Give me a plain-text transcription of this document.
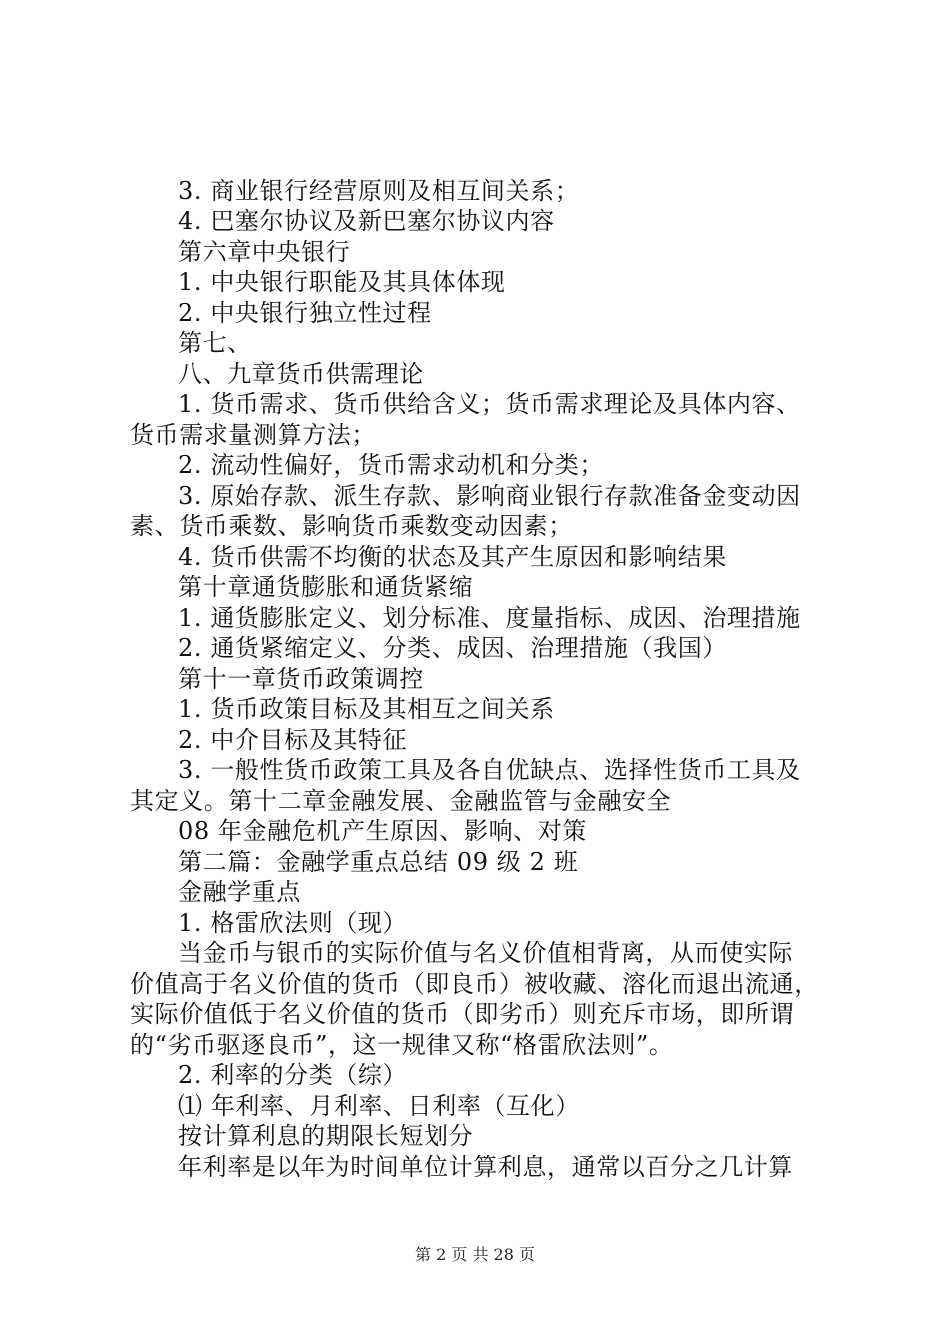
3. 商业银行经营原则及相互间关系；
4. 巴塞尔协议及新巴塞尔协议内容
第六章中央银行
1. 中央银行职能及其具体体现
2. 中央银行独立性过程
第七、
八、九章货币供需理论
1. 货币需求、货币供给含义；货币需求理论及具体内容、
货币需求量测算方法；
2. 流动性偏好，货币需求动机和分类；
3. 原始存款、派生存款、影响商业银行存款准备金变动因
素、货币乘数、影响货币乘数变动因素；
4. 货币供需不均衡的状态及其产生原因和影响结果
第十章通货膨胀和通货紧缩
1. 通货膨胀定义、划分标准、度量指标、成因、治理措施
2. 通货紧缩定义、分类、成因、治理措施（我国）
第十一章货币政策调控
1. 货币政策目标及其相互之间关系
2. 中介目标及其特征
3. 一般性货币政策工具及各自优缺点、选择性货币工具及
其定义。第十二章金融发展、金融监管与金融安全
08 年金融危机产生原因、影响、对策
第二篇：金融学重点总结 09 级 2 班
金融学重点
1. 格雷欣法则（现）
当金币与银币的实际价值与名义价值相背离，从而使实际
价值高于名义价值的货币（即良币）被收藏、溶化而退出流通，
实际价值低于名义价值的货币（即劣币）则充斥市场，即所谓
的“劣币驱逐良币”，这一规律又称“格雷欣法则”。
2. 利率的分类（综）
⑴ 年利率、月利率、日利率（互化）
按计算利息的期限长短划分
年利率是以年为时间单位计算利息，通常以百分之几计算
第 2 页 共 28 页
